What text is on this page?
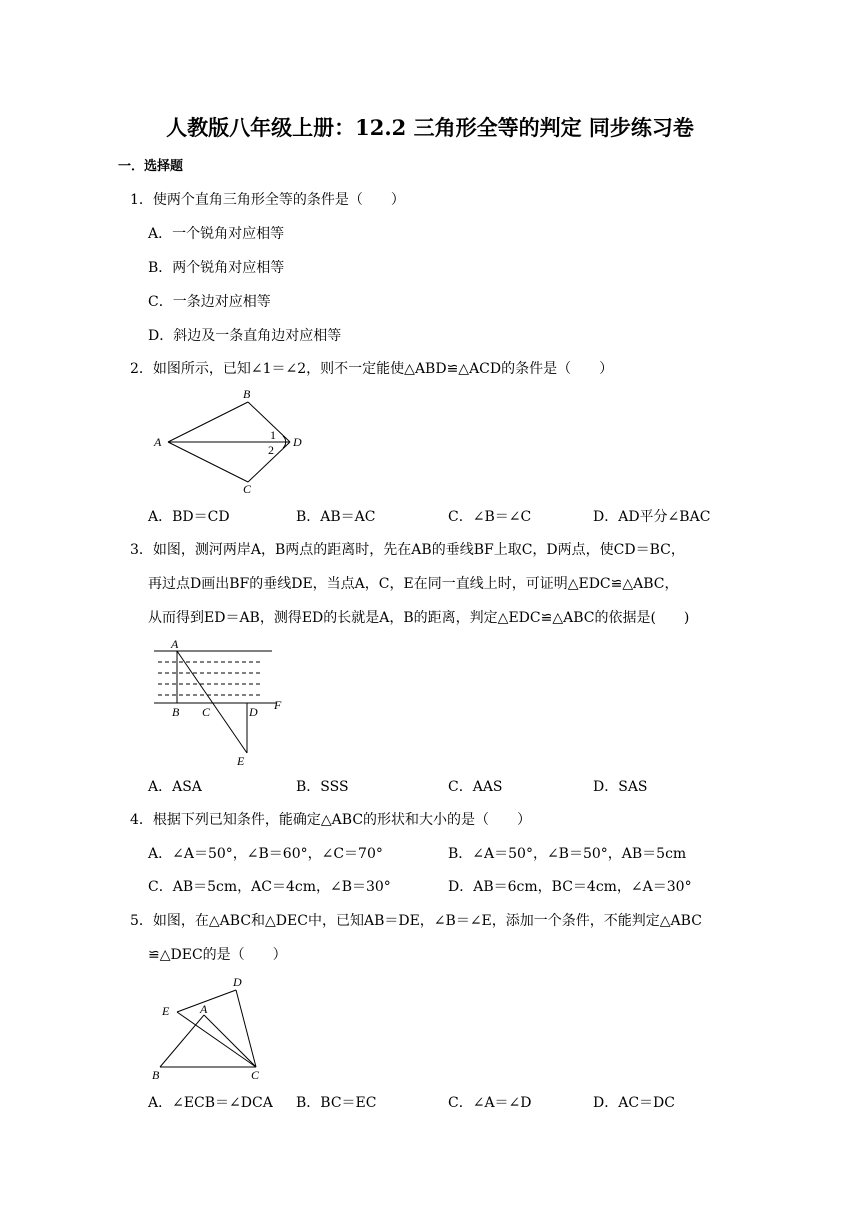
人教版八年级上册：12.2 三角形全等的判定 同步练习卷
一．选择题
1．使两个直角三角形全等的条件是（　　）
A．一个锐角对应相等
B．两个锐角对应相等
C．一条边对应相等
D．斜边及一条直角边对应相等
2．如图所示，已知∠1＝∠2，则不一定能使△ABD≌△ACD的条件是（　　）
A
B
C
D
1
2
A．BD＝CD	B．AB＝AC	C．∠B＝∠C	D．AD平分∠BAC
3．如图，测河两岸A，B两点的距离时，先在AB的垂线BF上取C，D两点，使CD＝BC，
再过点D画出BF的垂线DE，当点A，C，E在同一直线上时，可证明△EDC≌△ABC，
从而得到ED＝AB，测得ED的长就是A，B的距离，判定△EDC≌△ABC的依据是(　　)
A
B C	D
E
F
A．ASA	B．SSS	C．AAS	D．SAS
4．根据下列已知条件，能确定△ABC的形状和大小的是（　　）
A．∠A＝50°，∠B＝60°，∠C＝70°	B．∠A＝50°，∠B＝50°，AB＝5cm
C．AB＝5cm，AC＝4cm，∠B＝30°	D．AB＝6cm，BC＝4cm，∠A＝30°
5．如图，在△ABC和△DEC中，已知AB＝DE，∠B＝∠E，添加一个条件，不能判定△ABC
≌△DEC的是（　　）
D
E	A
B	C
A．∠ECB＝∠DCA B．BC＝EC	C．∠A＝∠D	D．AC＝DC
